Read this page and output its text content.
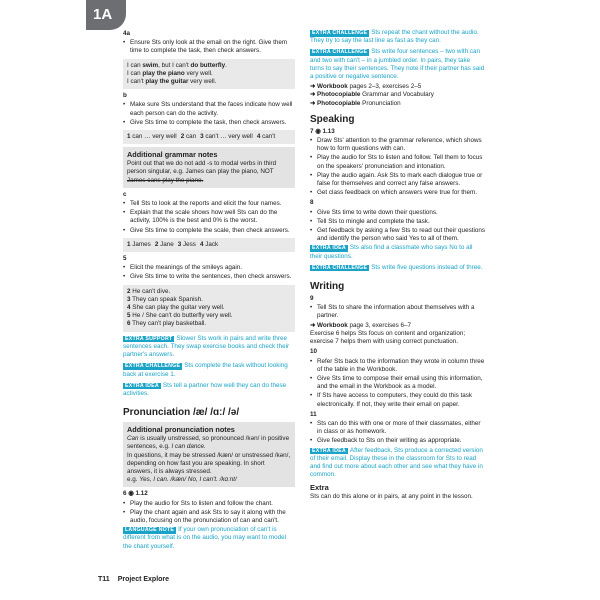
1A
4a
• Ensure Sts only look at the email on the right. Give them time to complete the task, then check answers.
I can swim, but I can't do butterfly.
I can play the piano very well.
I can't play the guitar very well.
b
• Make sure Sts understand that the faces indicate how well each person can do the activity.
• Give Sts time to complete the task, then check answers.
1 can … very well 2 can 3 can't … very well 4 can't
Additional grammar notes
Point out that we do not add -s to modal verbs in third person singular, e.g. James can play the piano, NOT James cans play the piano.
c
• Tell Sts to look at the reports and elicit the four names.
• Explain that the scale shows how well Sts can do the activity, 100% is the best and 0% is the worst.
• Give Sts time to complete the scale, then check answers.
1 James 2 Jane 3 Jess 4 Jack
5
• Elicit the meanings of the smileys again.
• Give Sts time to write the sentences, then check answers.
2 He can't dive.
3 They can speak Spanish.
4 She can play the guitar very well.
5 He / She can't do butterfly very well.
6 They can't play basketball.
EXTRA SUPPORT Slower Sts work in pairs and write three sentences each. They swap exercise books and check their partner's answers.
EXTRA CHALLENGE Sts complete the task without looking back at exercise 1.
EXTRA IDEA Sts tell a partner how well they can do these activities.
Pronunciation /æ/ /ɑː/ /ə/
Additional pronunciation notes
Can is usually unstressed, so pronounced /kən/ in positive sentences, e.g. I can dance.
In questions, it may be stressed /kæn/ or unstressed /kən/, depending on how fast you are speaking. In short answers, it is always stressed.
e.g. Yes, I can. /kæn/ No, I can't. /kɑːnt/
6 ◉ 1.12
• Play the audio for Sts to listen and follow the chant.
• Play the chant again and ask Sts to say it along with the audio, focusing on the pronunciation of can and can't.
LANGUAGE NOTE If your own pronunciation of can't is different from what is on the audio, you may want to model the chant yourself.
EXTRA CHALLENGE Sts repeat the chant without the audio. They try to say the last line as fast as they can.
EXTRA CHALLENGE Sts write four sentences – two with can and two with can't – in a jumbled order. In pairs, they take turns to say their sentences. They note if their partner has said a positive or negative sentence.
➜ Workbook pages 2–3, exercises 2–5
➜ Photocopiable Grammar and Vocabulary
➜ Photocopiable Pronunciation
Speaking
7 ◉ 1.13
• Draw Sts' attention to the grammar reference, which shows how to form questions with can.
• Play the audio for Sts to listen and follow. Tell them to focus on the speakers' pronunciation and intonation.
• Play the audio again. Ask Sts to mark each dialogue true or false for themselves and correct any false answers.
• Get class feedback on which answers were true for them.
8
• Give Sts time to write down their questions.
• Tell Sts to mingle and complete the task.
• Get feedback by asking a few Sts to read out their questions and identify the person who said Yes to all of them.
EXTRA IDEA Sts also find a classmate who says No to all their questions.
EXTRA CHALLENGE Sts write five questions instead of three.
Writing
9
• Tell Sts to share the information about themselves with a partner.
➜ Workbook page 3, exercises 6–7
Exercise 6 helps Sts focus on content and organization; exercise 7 helps them with using correct punctuation.
10
• Refer Sts back to the information they wrote in column three of the table in the Workbook.
• Give Sts time to compose their email using this information, and the email in the Workbook as a model.
• If Sts have access to computers, they could do this task electronically. If not, they write their email on paper.
11
• Sts can do this with one or more of their classmates, either in class or as homework.
• Give feedback to Sts on their writing as appropriate.
EXTRA IDEA After feedback, Sts produce a corrected version of their email. Display these in the classroom for Sts to read and find out more about each other and see what they have in common.
Extra
Sts can do this alone or in pairs, at any point in the lesson.
T11 Project Explore
